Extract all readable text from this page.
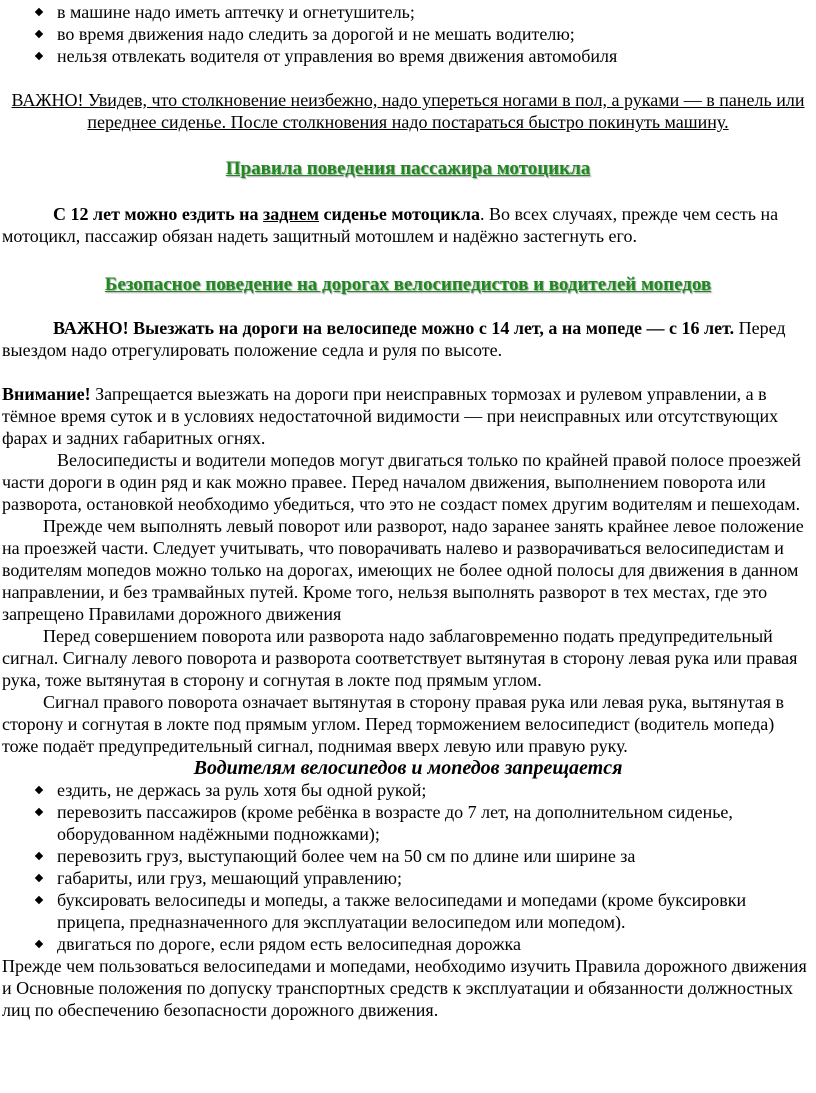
в машине надо иметь аптечку и огнетушитель;
во время движения надо следить за дорогой и не мешать водителю;
нельзя отвлекать водителя от управления во время движения автомобиля

ВАЖНО! Увидев, что столкновение неизбежно, надо упереться ногами в пол, а руками — в панель или переднее сиденье. После столкновения надо постараться быстро покинуть машину.

Правила поведения пассажира мотоцикла

С 12 лет можно ездить на заднем сиденье мотоцикла. Во всех случаях, прежде чем сесть на мотоцикл, пассажир обязан надеть защитный мотошлем и надёжно застегнуть его.

Безопасное поведение на дорогах велосипедистов и водителей мопедов

ВАЖНО! Выезжать на дороги на велосипеде можно с 14 лет, а на мопеде — с 16 лет. Перед выездом надо отрегулировать положение седла и руля по высоте.

Внимание! Запрещается выезжать на дороги при неисправных тормозах и рулевом управлении, а в тёмное время суток и в условиях недостаточной видимости — при неисправных или отсутствующих фарах и задних габаритных огнях.

Велосипедисты и водители мопедов могут двигаться только по крайней правой полосе проезжей части дороги в один ряд и как можно правее. Перед началом движения, выполнением поворота или разворота, остановкой необходимо убедиться, что это не создаст помех другим водителям и пешеходам.

Прежде чем выполнять левый поворот или разворот, надо заранее занять крайнее левое положение на проезжей части. Следует учитывать, что поворачивать налево и разворачиваться велосипедистам и водителям мопедов можно только на дорогах, имеющих не более одной полосы для движения в данном направлении, и без трамвайных путей. Кроме того, нельзя выполнять разворот в тех местах, где это запрещено Правилами дорожного движения

Перед совершением поворота или разворота надо заблаговременно подать предупредительный сигнал. Сигналу левого поворота и разворота соответствует вытянутая в сторону левая рука или правая рука, тоже вытянутая в сторону и согнутая в локте под прямым углом.

Сигнал правого поворота означает вытянутая в сторону правая рука или левая рука, вытянутая в сторону и согнутая в локте под прямым углом. Перед торможением велосипедист (водитель мопеда) тоже подаёт предупредительный сигнал, поднимая вверх левую или правую руку.

Водителям велосипедов и мопедов запрещается
ездить, не держась за руль хотя бы одной рукой;
перевозить пассажиров (кроме ребёнка в возрасте до 7 лет, на дополнительном сиденье, оборудованном надёжными подножками);
перевозить груз, выступающий более чем на 50 см по длине или ширине за
габариты, или груз, мешающий управлению;
буксировать велосипеды и мопеды, а также велосипедами и мопедами (кроме буксировки прицепа, предназначенного для эксплуатации велосипедом или мопедом).
двигаться по дороге, если рядом есть велосипедная дорожка

Прежде чем пользоваться велосипедами и мопедами, необходимо изучить Правила дорожного движения и Основные положения по допуску транспортных средств к эксплуатации и обязанности должностных лиц по обеспечению безопасности дорожного движения.
